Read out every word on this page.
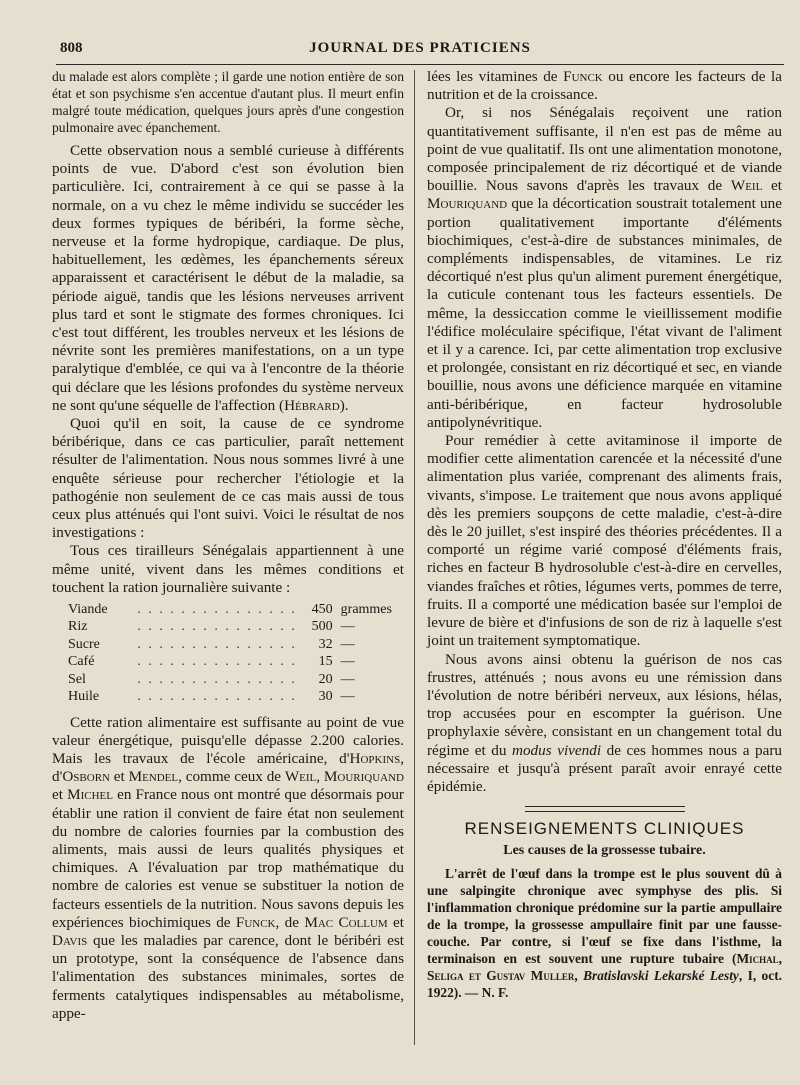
808	JOURNAL DES PRATICIENS

du malade est alors complète ; il garde une notion entière de son état et son psychisme s'en accentue d'autant plus. Il meurt enfin malgré toute médication, quelques jours après d'une congestion pulmonaire avec épanchement.

Cette observation nous a semblé curieuse à différents points de vue. D'abord c'est son évolution bien particulière. Ici, contrairement à ce qui se passe à la normale, on a vu chez le même individu se succéder les deux formes typiques de béribéri, la forme sèche, nerveuse et la forme hydropique, cardiaque. De plus, habituellement, les œdèmes, les épanchements séreux apparaissent et caractérisent le début de la maladie, sa période aiguë, tandis que les lésions nerveuses arrivent plus tard et sont le stigmate des formes chroniques. Ici c'est tout différent, les troubles nerveux et les lésions de névrite sont les premières manifestations, on a un type paralytique d'emblée, ce qui va à l'encontre de la théorie qui déclare que les lésions profondes du système nerveux ne sont qu'une séquelle de l'affection (Hébrard).

Quoi qu'il en soit, la cause de ce syndrome béribérique, dans ce cas particulier, paraît nettement résulter de l'alimentation. Nous nous sommes livré à une enquête sérieuse pour rechercher l'étiologie et la pathogénie non seulement de ce cas mais aussi de tous ceux plus atténués qui l'ont suivi. Voici le résultat de nos investigations :

Tous ces tirailleurs Sénégalais appartiennent à une même unité, vivent dans les mêmes conditions et touchent la ration journalière suivante :

Viande	. . . . . . . . . . . . . . .	450	grammes
Riz	. . . . . . . . . . . . . . .	500	—
Sucre	. . . . . . . . . . . . . . .	32	—
Café	. . . . . . . . . . . . . . .	15	—
Sel	. . . . . . . . . . . . . . .	20	—
Huile	. . . . . . . . . . . . . . .	30	—

Cette ration alimentaire est suffisante au point de vue valeur énergétique, puisqu'elle dépasse 2.200 calories. Mais les travaux de l'école américaine, d'Hopkins, d'Osborn et Mendel, comme ceux de Weil, Mouriquand et Michel en France nous ont montré que désormais pour établir une ration il convient de faire état non seulement du nombre de calories fournies par la combustion des aliments, mais aussi de leurs qualités physiques et chimiques. A l'évaluation par trop mathématique du nombre de calories est venue se substituer la notion de facteurs essentiels de la nutrition. Nous savons depuis les expériences biochimiques de Funck, de Mac Collum et Davis que les maladies par carence, dont le béribéri est un prototype, sont la conséquence de l'absence dans l'alimentation des substances minimales, sortes de ferments catalytiques indispensables au métabolisme, appe-

lées les vitamines de Funck ou encore les facteurs de la nutrition et de la croissance.

Or, si nos Sénégalais reçoivent une ration quantitativement suffisante, il n'en est pas de même au point de vue qualitatif. Ils ont une alimentation monotone, composée principalement de riz décortiqué et de viande bouillie. Nous savons d'après les travaux de Weil et Mouriquand que la décortication soustrait totalement une portion qualitativement importante d'éléments biochimiques, c'est-à-dire de substances minimales, de compléments indispensables, de vitamines. Le riz décortiqué n'est plus qu'un aliment purement énergétique, la cuticule contenant tous les facteurs essentiels. De même, la dessiccation comme le vieillissement modifie l'édifice moléculaire spécifique, l'état vivant de l'aliment et il y a carence. Ici, par cette alimentation trop exclusive et prolongée, consistant en riz décortiqué et sec, en viande bouillie, nous avons une déficience marquée en vitamine anti-béribérique, en facteur hydrosoluble antipolynévritique.

Pour remédier à cette avitaminose il importe de modifier cette alimentation carencée et la nécessité d'une alimentation plus variée, comprenant des aliments frais, vivants, s'impose. Le traitement que nous avons appliqué dès les premiers soupçons de cette maladie, c'est-à-dire dès le 20 juillet, s'est inspiré des théories précédentes. Il a comporté un régime varié composé d'éléments frais, riches en facteur B hydrosoluble c'est-à-dire en cervelles, viandes fraîches et rôties, légumes verts, pommes de terre, fruits. Il a comporté une médication basée sur l'emploi de levure de bière et d'infusions de son de riz à laquelle s'est joint un traitement symptomatique.

Nous avons ainsi obtenu la guérison de nos cas frustres, atténués ; nous avons eu une rémission dans l'évolution de notre béribéri nerveux, aux lésions, hélas, trop accusées pour en escompter la guérison. Une prophylaxie sévère, consistant en un changement total du régime et du modus vivendi de ces hommes nous a paru nécessaire et jusqu'à présent paraît avoir enrayé cette épidémie.

RENSEIGNEMENTS CLINIQUES
Les causes de la grossesse tubaire.

L'arrêt de l'œuf dans la trompe est le plus souvent dû à une salpingite chronique avec symphyse des plis. Si l'inflammation chronique prédomine sur la partie ampullaire de la trompe, la grossesse ampullaire finit par une fausse-couche. Par contre, si l'œuf se fixe dans l'isthme, la terminaison en est souvent une rupture tubaire (Michal, Seliga et Gustav Muller, Bratislavski Lekarské Lesty, I, oct. 1922). — N. F.
